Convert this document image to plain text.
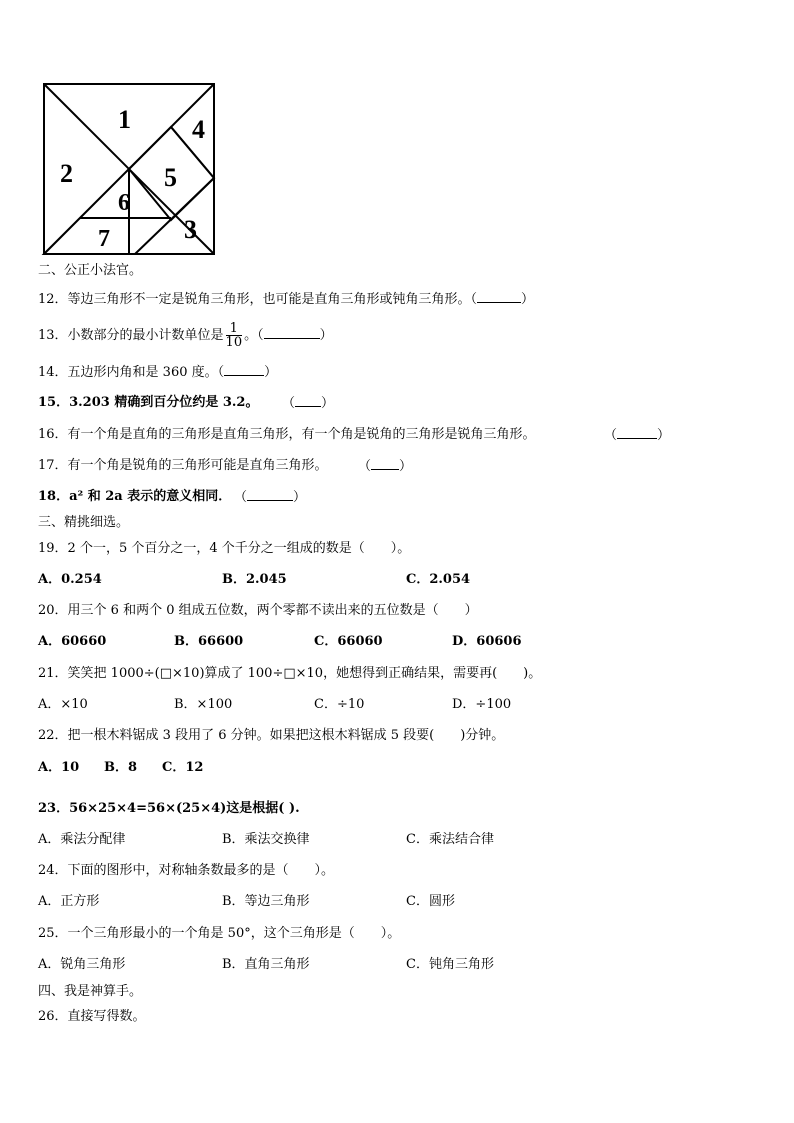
1
2
3
4
5
6
7
二、公正小法官。
12．等边三角形不一定是锐角三角形，也可能是直角三角形或钝角三角形。（	）
13．小数部分的最小计数单位是 $\frac{1}{10}$ 。（	）
14．五边形内角和是 360 度。（	）
15．3.203 精确到百分位约是 3.2。 （ ）
16．有一个角是直角的三角形是直角三角形，有一个角是锐角的三角形是锐角三角形。	（	）
17．有一个角是锐角的三角形可能是直角三角形。 （ ）
18．a² 和 2a 表示的意义相同． （	）
三、精挑细选。
19．2 个一，5 个百分之一，4 个千分之一组成的数是（　　）。
A．0.254	B．2.045	C．2.054
20．用三个 6 和两个 0 组成五位数，两个零都不读出来的五位数是（　　）
A．60660	B．66600	C．66060	D．60606
21．笑笑把 1000÷(□×10)算成了 100÷□×10，她想得到正确结果，需要再(　　)。
A．×10	B．×100	C．÷10	D．÷100
22．把一根木料锯成 3 段用了 6 分钟。如果把这根木料锯成 5 段要(　　)分钟。
A．10 B．8 C．12
23．56×25×4=56×(25×4)这是根据( ).
A．乘法分配律	B．乘法交换律	C．乘法结合律
24．下面的图形中，对称轴条数最多的是（　　）。
A．正方形	B．等边三角形	C．圆形
25．一个三角形最小的一个角是 50°，这个三角形是（　　）。
A．锐角三角形	B．直角三角形	C．钝角三角形
四、我是神算手。
26．直接写得数。
